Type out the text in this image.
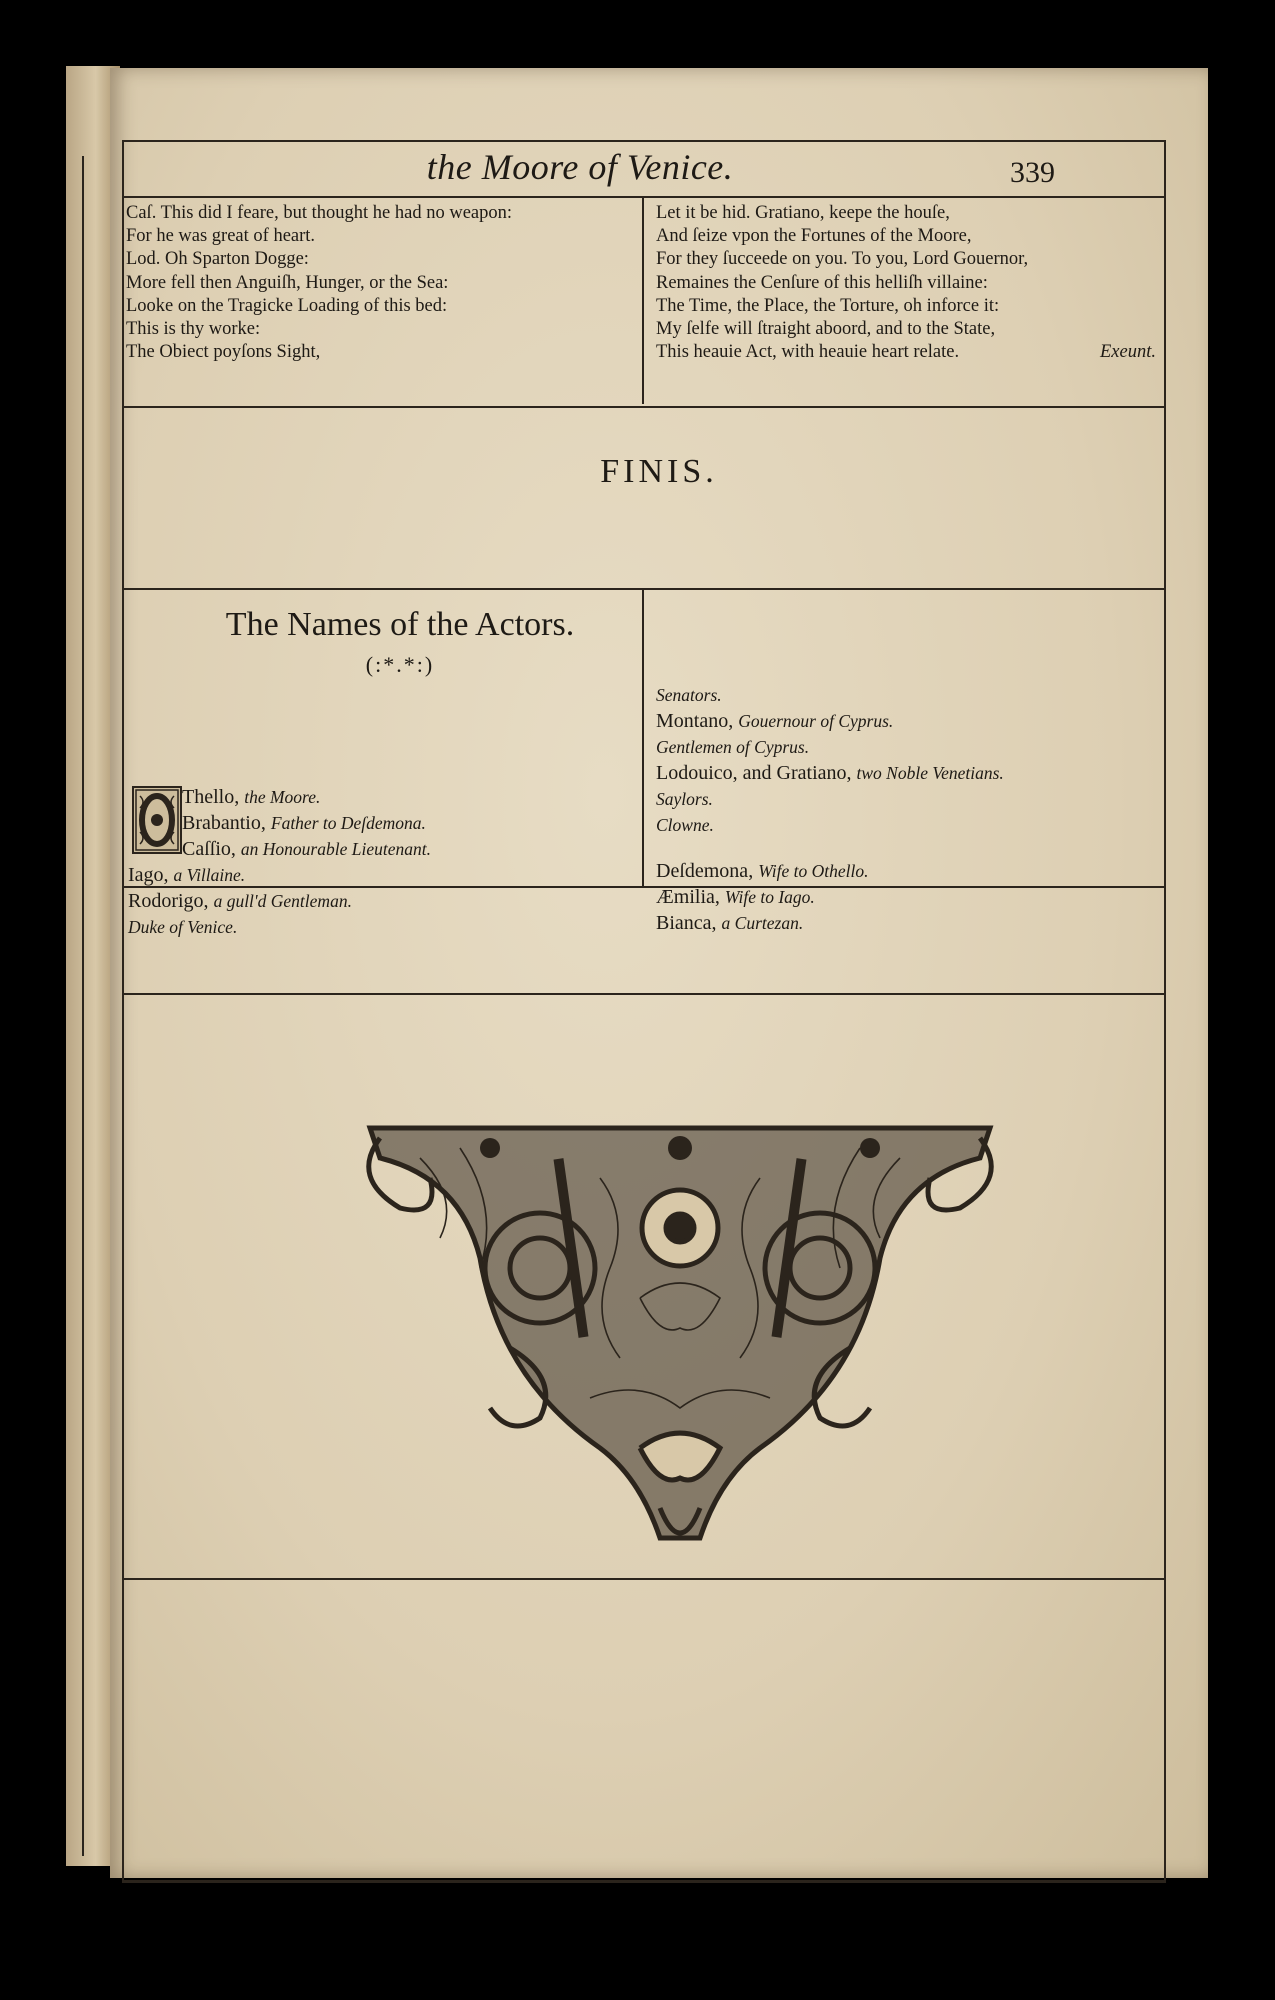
the Moore of Venice.	339
Caſ. This did I feare, but thought he had no weapon:
For he was great of heart.
Lod. Oh Sparton Dogge:
More fell then Anguiſh, Hunger, or the Sea:
Looke on the Tragicke Loading of this bed:
This is thy worke:
The Obiect poyſons Sight,
Let it be hid. Gratiano, keepe the houſe,
And ſeize vpon the Fortunes of the Moore,
For they ſucceede on you. To you, Lord Gouernor,
Remaines the Cenſure of this helliſh villaine:
The Time, the Place, the Torture, oh inforce it:
My ſelfe will ſtraight aboord, and to the State,
This heauie Act, with heauie heart relate.	Exeunt.
FINIS.
The Names of the Actors.
(:*.*:)
Thello, the Moore.
Brabantio, Father to Deſdemona.
Caſſio, an Honourable Lieutenant.
Iago, a Villaine.
Rodorigo, a gull'd Gentleman.
Duke of Venice.
Senators.
Montano, Gouernour of Cyprus.
Gentlemen of Cyprus.
Lodouico, and Gratiano, two Noble Venetians.
Saylors.
Clowne.
Deſdemona, Wife to Othello.
Æmilia, Wife to Iago.
Bianca, a Curtezan.
